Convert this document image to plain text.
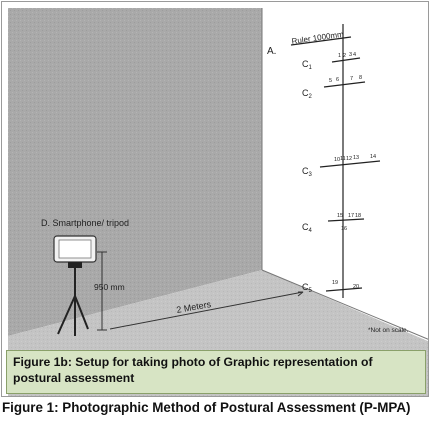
Ruler 1000mm
$C_1$
$C_2$
$C_3$
$C_4$
$C_5$
1 2 3 4
5 6 7 8
10 11 12 13 14
15 17 18
16
19
20
A.
D. Smartphone/ tripod
950 mm
2 Meters
*Not on scale.
Figure 1b: Setup for taking photo of Graphic representation of postural assessment
Figure 1: Photographic Method of Postural Assessment (P-MPA)
